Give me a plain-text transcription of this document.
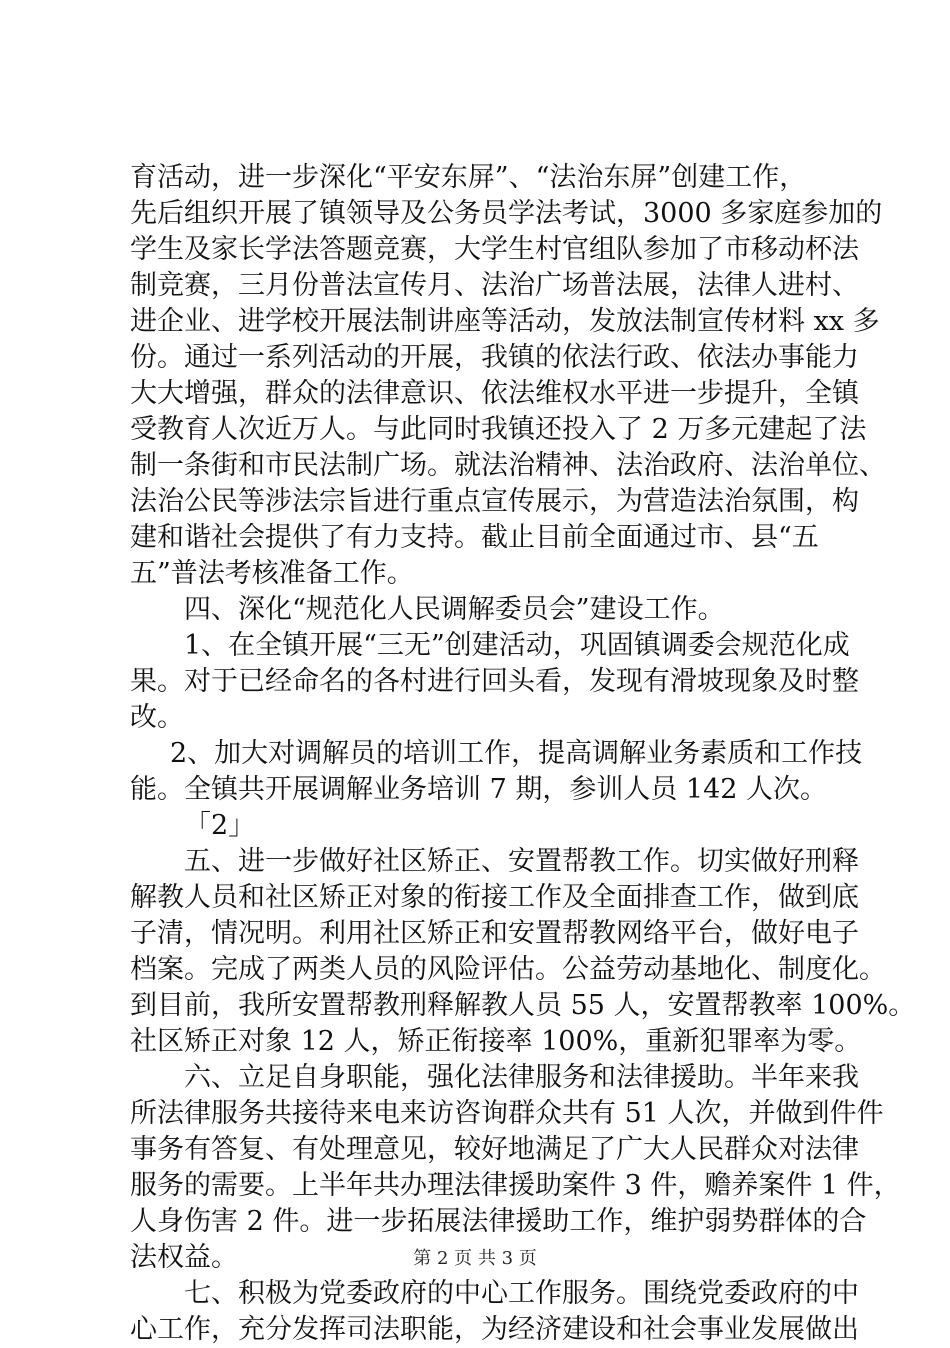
育活动，进一步深化“平安东屏”、“法治东屏”创建工作，
先后组织开展了镇领导及公务员学法考试，3000 多家庭参加的
学生及家长学法答题竞赛，大学生村官组队参加了市移动杯法
制竞赛，三月份普法宣传月、法治广场普法展，法律人进村、
进企业、进学校开展法制讲座等活动，发放法制宣传材料 xx 多
份。通过一系列活动的开展，我镇的依法行政、依法办事能力
大大增强，群众的法律意识、依法维权水平进一步提升，全镇
受教育人次近万人。与此同时我镇还投入了 2 万多元建起了法
制一条街和市民法制广场。就法治精神、法治政府、法治单位、
法治公民等涉法宗旨进行重点宣传展示，为营造法治氛围，构
建和谐社会提供了有力支持。截止目前全面通过市、县“五
五”普法考核准备工作。
四、深化“规范化人民调解委员会”建设工作。
1、在全镇开展“三无”创建活动，巩固镇调委会规范化成
果。对于已经命名的各村进行回头看，发现有滑坡现象及时整
改。
2、加大对调解员的培训工作，提高调解业务素质和工作技
能。全镇共开展调解业务培训 7 期，参训人员 142 人次。
「2」
五、进一步做好社区矫正、安置帮教工作。切实做好刑释
解教人员和社区矫正对象的衔接工作及全面排查工作，做到底
子清，情况明。利用社区矫正和安置帮教网络平台，做好电子
档案。完成了两类人员的风险评估。公益劳动基地化、制度化。
到目前，我所安置帮教刑释解教人员 55 人，安置帮教率 100%。
社区矫正对象 12 人，矫正衔接率 100%，重新犯罪率为零。
六、立足自身职能，强化法律服务和法律援助。半年来我
所法律服务共接待来电来访咨询群众共有 51 人次，并做到件件
事务有答复、有处理意见，较好地满足了广大人民群众对法律
服务的需要。上半年共办理法律援助案件 3 件，赡养案件 1 件，
人身伤害 2 件。进一步拓展法律援助工作，维护弱势群体的合
法权益。
七、积极为党委政府的中心工作服务。围绕党委政府的中
心工作，充分发挥司法职能，为经济建设和社会事业发展做出
第 2 页 共 3 页
